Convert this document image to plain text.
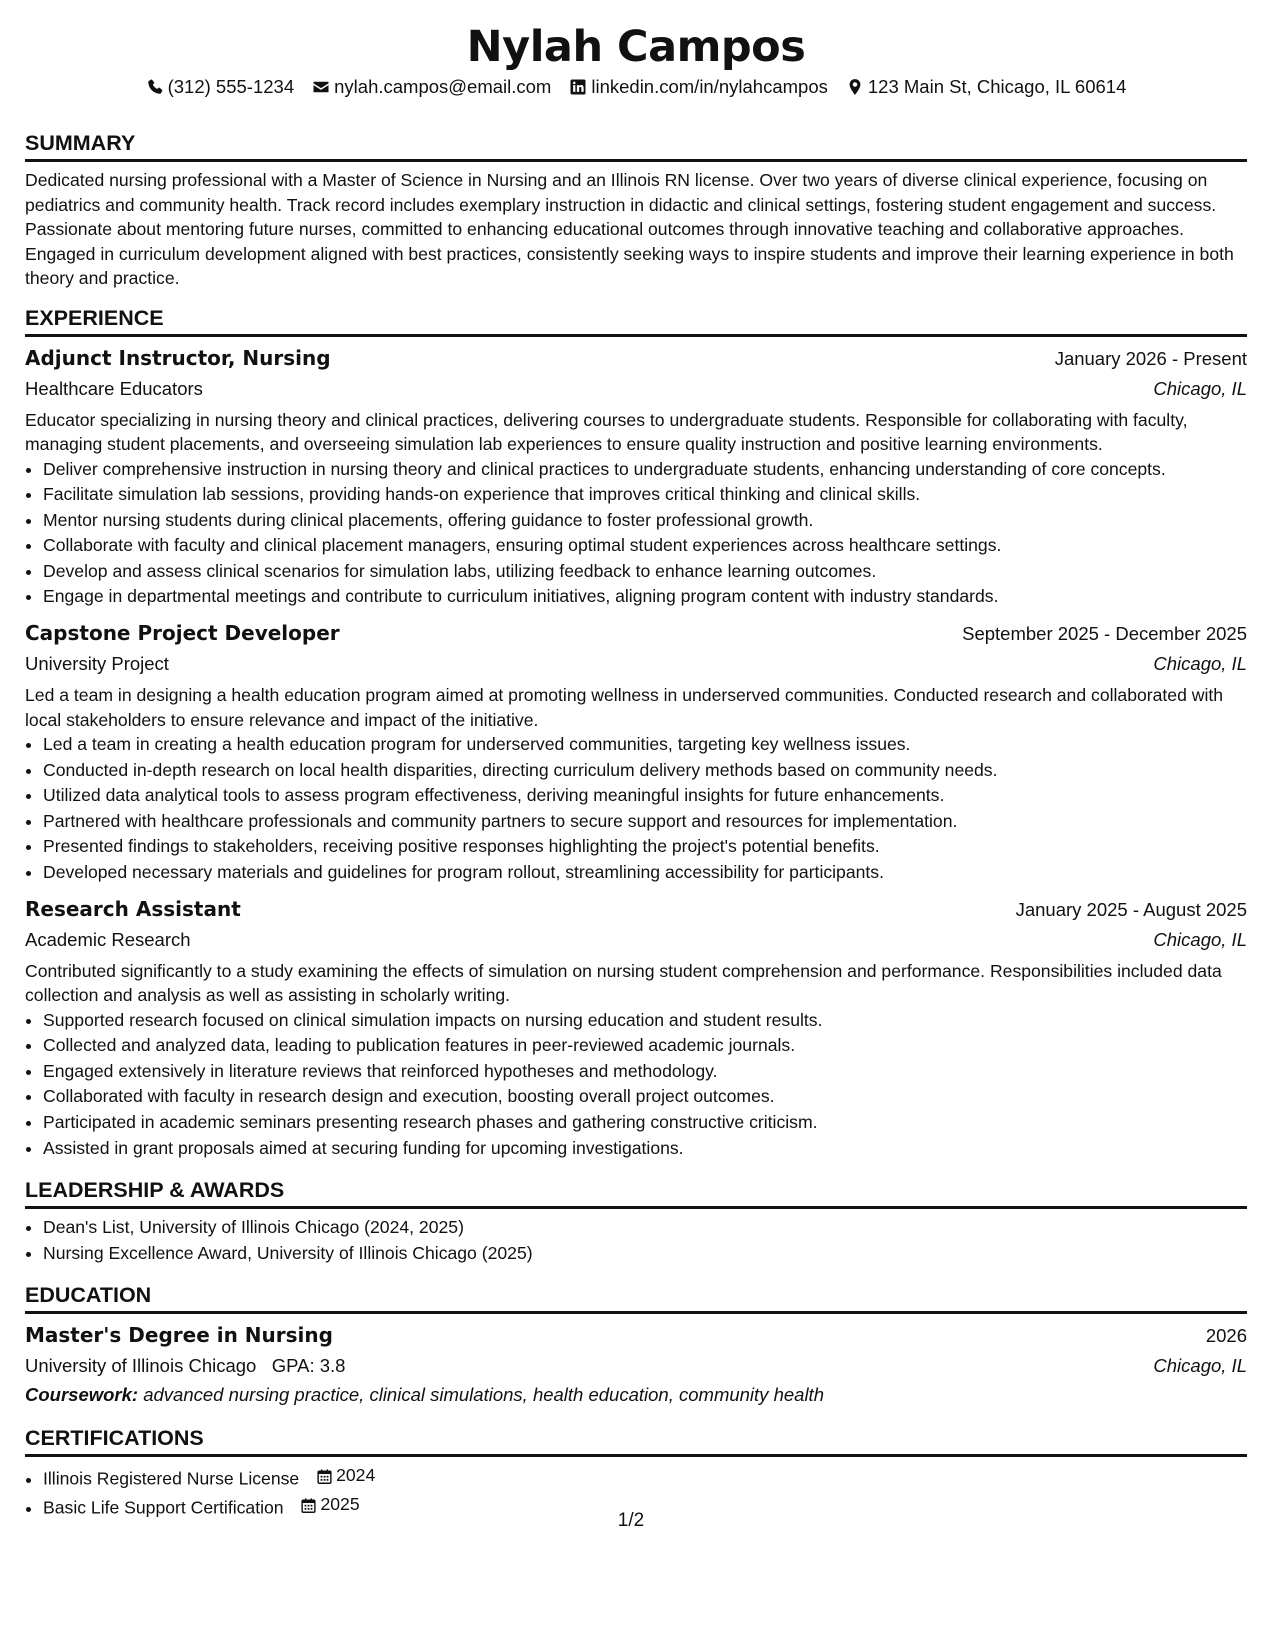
Nylah Campos
(312) 555-1234 nylah.campos@email.com linkedin.com/in/nylahcampos 123 Main St, Chicago, IL 60614
SUMMARY

Dedicated nursing professional with a Master of Science in Nursing and an Illinois RN license. Over two years of diverse clinical experience, focusing on pediatrics and community health. Track record includes exemplary instruction in didactic and clinical settings, fostering student engagement and success. Passionate about mentoring future nurses, committed to enhancing educational outcomes through innovative teaching and collaborative approaches. Engaged in curriculum development aligned with best practices, consistently seeking ways to inspire students and improve their learning experience in both theory and practice.

EXPERIENCE
Adjunct Instructor, Nursing	January 2026 - Present
Healthcare Educators	Chicago, IL

Educator specializing in nursing theory and clinical practices, delivering courses to undergraduate students. Responsible for collaborating with faculty, managing student placements, and overseeing simulation lab experiences to ensure quality instruction and positive learning environments.

• Deliver comprehensive instruction in nursing theory and clinical practices to undergraduate students, enhancing understanding of core concepts.
• Facilitate simulation lab sessions, providing hands-on experience that improves critical thinking and clinical skills.
• Mentor nursing students during clinical placements, offering guidance to foster professional growth.
• Collaborate with faculty and clinical placement managers, ensuring optimal student experiences across healthcare settings.
• Develop and assess clinical scenarios for simulation labs, utilizing feedback to enhance learning outcomes.
• Engage in departmental meetings and contribute to curriculum initiatives, aligning program content with industry standards.
Capstone Project Developer	September 2025 - December 2025
University Project	Chicago, IL

Led a team in designing a health education program aimed at promoting wellness in underserved communities. Conducted research and collaborated with local stakeholders to ensure relevance and impact of the initiative.

• Led a team in creating a health education program for underserved communities, targeting key wellness issues.
• Conducted in-depth research on local health disparities, directing curriculum delivery methods based on community needs.
• Utilized data analytical tools to assess program effectiveness, deriving meaningful insights for future enhancements.
• Partnered with healthcare professionals and community partners to secure support and resources for implementation.
• Presented findings to stakeholders, receiving positive responses highlighting the project's potential benefits.
• Developed necessary materials and guidelines for program rollout, streamlining accessibility for participants.
Research Assistant	January 2025 - August 2025
Academic Research	Chicago, IL

Contributed significantly to a study examining the effects of simulation on nursing student comprehension and performance. Responsibilities included data collection and analysis as well as assisting in scholarly writing.

• Supported research focused on clinical simulation impacts on nursing education and student results.
• Collected and analyzed data, leading to publication features in peer-reviewed academic journals.
• Engaged extensively in literature reviews that reinforced hypotheses and methodology.
• Collaborated with faculty in research design and execution, boosting overall project outcomes.
• Participated in academic seminars presenting research phases and gathering constructive criticism.
• Assisted in grant proposals aimed at securing funding for upcoming investigations.
LEADERSHIP & AWARDS
• Dean's List, University of Illinois Chicago (2024, 2025)
• Nursing Excellence Award, University of Illinois Chicago (2025)
EDUCATION
Master's Degree in Nursing	2026
University of Illinois Chicago GPA: 3.8	Chicago, IL
Coursework: advanced nursing practice, clinical simulations, health education, community health
CERTIFICATIONS
• Illinois Registered Nurse License 2024
• Basic Life Support Certification 2025
1/2
